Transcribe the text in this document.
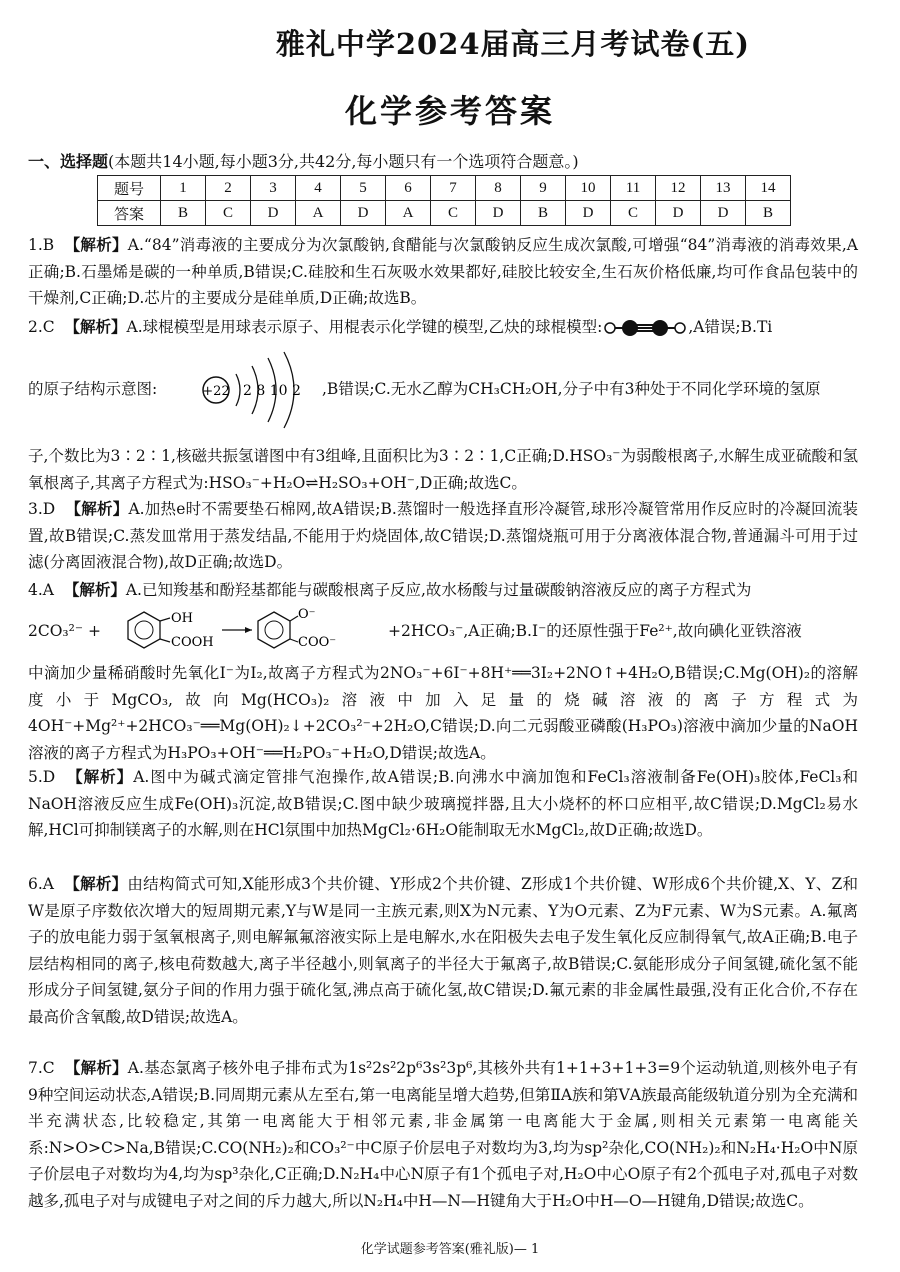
雅礼中学2024届高三月考试卷(五)
化学参考答案
一、选择题(本题共14小题,每小题3分,共42分,每小题只有一个选项符合题意。)
题号	1	2	3	4	5	6	7	8	9	10	11	12	13	14
答案	B	C	D	A	D	A	C	D	B	D	C	D	D	B

1.B 【解析】A.“84”消毒液的主要成分为次氯酸钠,食醋能与次氯酸钠反应生成次氯酸,可增强“84”消毒液的消毒效果,A正确;B.石墨烯是碳的一种单质,B错误;C.硅胶和生石灰吸水效果都好,硅胶比较安全,生石灰价格低廉,均可作食品包装中的干燥剂,C正确;D.芯片的主要成分是硅单质,D正确;故选B。

2.C 【解析】A.球棍模型是用球表示原子、用棍表示化学键的模型,乙炔的球棍模型:	,A错误;B.Ti

的原子结构示意图:	+22 2 8 10 2 ,B错误;C.无水乙醇为CH₃CH₂OH,分子中有3种处于不同化学环境的氢原

子,个数比为3∶2∶1,核磁共振氢谱图中有3组峰,且面积比为3∶2∶1,C正确;D.HSO₃⁻为弱酸根离子,水解生成亚硫酸和氢氧根离子,其离子方程式为:HSO₃⁻+H₂O⇌H₂SO₃+OH⁻,D正确;故选C。

3.D 【解析】A.加热e时不需要垫石棉网,故A错误;B.蒸馏时一般选择直形冷凝管,球形冷凝管常用作反应时的冷凝回流装置,故B错误;C.蒸发皿常用于蒸发结晶,不能用于灼烧固体,故C错误;D.蒸馏烧瓶可用于分离液体混合物,普通漏斗可用于过滤(分离固液混合物),故D正确;故选D。

4.A 【解析】A.已知羧基和酚羟基都能与碳酸根离子反应,故水杨酸与过量碳酸钠溶液反应的离子方程式为

2CO₃²⁻ +
OH
COOH
O⁻
COO⁻
+2HCO₃⁻,A正确;B.I⁻的还原性强于Fe²⁺,故向碘化亚铁溶液

中滴加少量稀硝酸时先氧化I⁻为I₂,故离子方程式为2NO₃⁻+6I⁻+8H⁺══3I₂+2NO↑+4H₂O,B错误;C.Mg(OH)₂的溶解度小于MgCO₃,故向Mg(HCO₃)₂溶液中加入足量的烧碱溶液的离子方程式为4OH⁻+Mg²⁺+2HCO₃⁻══Mg(OH)₂↓+2CO₃²⁻+2H₂O,C错误;D.向二元弱酸亚磷酸(H₃PO₃)溶液中滴加少量的NaOH溶液的离子方程式为H₃PO₃+OH⁻══H₂PO₃⁻+H₂O,D错误;故选A。

5.D 【解析】A.图中为碱式滴定管排气泡操作,故A错误;B.向沸水中滴加饱和FeCl₃溶液制备Fe(OH)₃胶体,FeCl₃和NaOH溶液反应生成Fe(OH)₃沉淀,故B错误;C.图中缺少玻璃搅拌器,且大小烧杯的杯口应相平,故C错误;D.MgCl₂易水解,HCl可抑制镁离子的水解,则在HCl氛围中加热MgCl₂·6H₂O能制取无水MgCl₂,故D正确;故选D。

6.A 【解析】由结构简式可知,X能形成3个共价键、Y形成2个共价键、Z形成1个共价键、W形成6个共价键,X、Y、Z和W是原子序数依次增大的短周期元素,Y与W是同一主族元素,则X为N元素、Y为O元素、Z为F元素、W为S元素。A.氟离子的放电能力弱于氢氧根离子,则电解氟氟溶液实际上是电解水,水在阳极失去电子发生氧化反应制得氧气,故A正确;B.电子层结构相同的离子,核电荷数越大,离子半径越小,则氧离子的半径大于氟离子,故B错误;C.氨能形成分子间氢键,硫化氢不能形成分子间氢键,氨分子间的作用力强于硫化氢,沸点高于硫化氢,故C错误;D.氟元素的非金属性最强,没有正化合价,不存在最高价含氧酸,故D错误;故选A。

7.C 【解析】A.基态氯离子核外电子排布式为1s²2s²2p⁶3s²3p⁶,其核外共有1+1+3+1+3=9个运动轨道,则核外电子有9种空间运动状态,A错误;B.同周期元素从左至右,第一电离能呈增大趋势,但第ⅡA族和第ⅤA族最高能级轨道分别为全充满和半充满状态,比较稳定,其第一电离能大于相邻元素,非金属第一电离能大于金属,则相关元素第一电离能关系:N>O>C>Na,B错误;C.CO(NH₂)₂和CO₃²⁻中C原子价层电子对数均为3,均为sp²杂化,CO(NH₂)₂和N₂H₄·H₂O中N原子价层电子对数均为4,均为sp³杂化,C正确;D.N₂H₄中心N原子有1个孤电子对,H₂O中心O原子有2个孤电子对,孤电子对数越多,孤电子对与成键电子对之间的斥力越大,所以N₂H₄中H—N—H键角大于H₂O中H—O—H键角,D错误;故选C。

化学试题参考答案(雅礼版)— 1
